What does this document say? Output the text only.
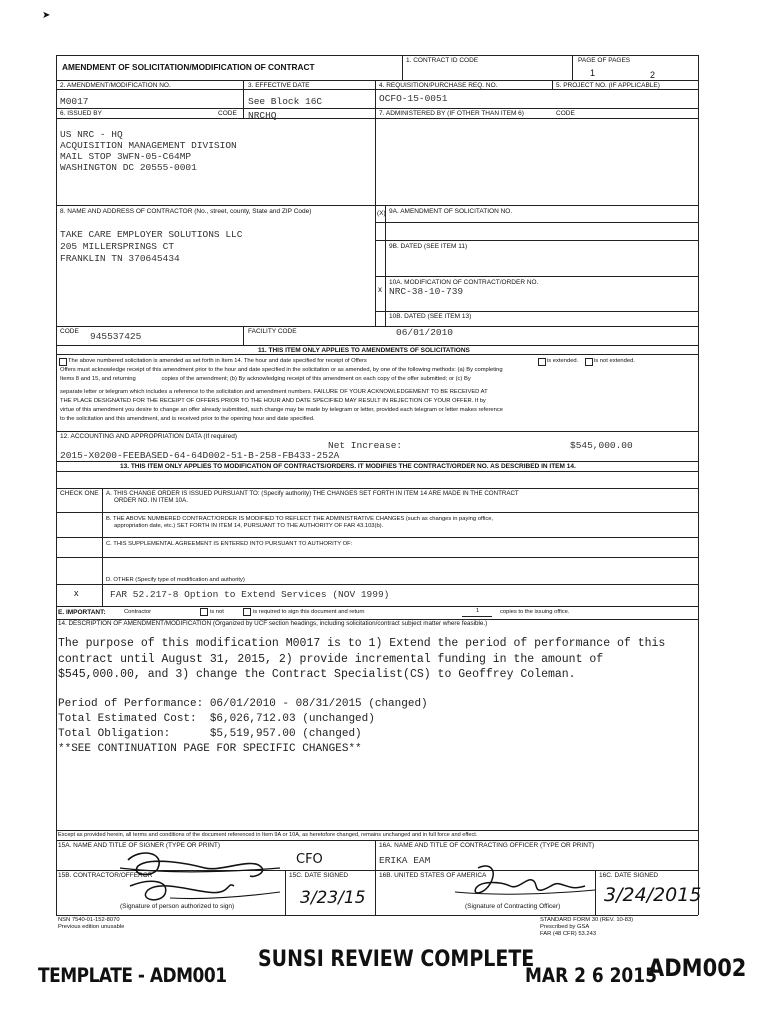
➤
AMENDMENT OF SOLICITATION/MODIFICATION OF CONTRACT
1. CONTRACT ID CODE	PAGE OF PAGES
1	2
2. AMENDMENT/MODIFICATION NO.
M0017
3. EFFECTIVE DATE
See Block 16C
4. REQUISITION/PURCHASE REQ. NO.
OCFO-15-0051
5. PROJECT NO. (IF APPLICABLE)
6. ISSUED BY	CODE NRCHQ	7. ADMINISTERED BY (IF OTHER THAN ITEM 6)	CODE
US NRC - HQ
ACQUISITION MANAGEMENT DIVISION
MAIL STOP 3WFN-05-C64MP
WASHINGTON DC 20555-0001
8. NAME AND ADDRESS OF CONTRACTOR (No., street, county, State and ZIP Code)
TAKE CARE EMPLOYER SOLUTIONS LLC
205 MILLERSPRINGS CT
FRANKLIN TN 370645434
CODE 945537425	FACILITY CODE
(X) 9A. AMENDMENT OF SOLICITATION NO.
9B. DATED (SEE ITEM 11)
x
10A. MODIFICATION OF CONTRACT/ORDER NO.
NRC-38-10-739
10B. DATED (SEE ITEM 13)
06/01/2010
11. THIS ITEM ONLY APPLIES TO AMENDMENTS OF SOLICITATIONS
The above numbered solicitation is amended as set forth in Item 14. The hour and date specified for receipt of Offers	is extended.	is not extended.
Offers must acknowledge receipt of this amendment prior to the hour and date specified in the solicitation or as amended, by one of the following methods: (a) By completing
Items 8 and 15, and returning                copies of the amendment; (b) By acknowledging receipt of this amendment on each copy of the offer submitted; or (c) By
separate letter or telegram which includes a reference to the solicitation and amendment numbers. FAILURE OF YOUR ACKNOWLEDGEMENT TO BE RECEIVED AT
THE PLACE DESIGNATED FOR THE RECEIPT OF OFFERS PRIOR TO THE HOUR AND DATE SPECIFIED MAY RESULT IN REJECTION OF YOUR OFFER. If by
virtue of this amendment you desire to change an offer already submitted, such change may be made by telegram or letter, provided each telegram or letter makes reference
to the solicitation and this amendment, and is received prior to the opening hour and date specified.
12. ACCOUNTING AND APPROPRIATION DATA (If required)
Net Increase:	$545,000.00
2015-X0200-FEEBASED-64-64D002-51-B-258-FB433-252A
13. THIS ITEM ONLY APPLIES TO MODIFICATION OF CONTRACTS/ORDERS. IT MODIFIES THE CONTRACT/ORDER NO. AS DESCRIBED IN ITEM 14.
CHECK ONE A. THIS CHANGE ORDER IS ISSUED PURSUANT TO: (Specify authority) THE CHANGES SET FORTH IN ITEM 14 ARE MADE IN THE CONTRACT
ORDER NO. IN ITEM 10A.
B. THE ABOVE NUMBERED CONTRACT/ORDER IS MODIFIED TO REFLECT THE ADMINISTRATIVE CHANGES (such as changes in paying office,
appropriation date, etc.) SET FORTH IN ITEM 14, PURSUANT TO THE AUTHORITY OF FAR 43.103(b).
C. THIS SUPPLEMENTAL AGREEMENT IS ENTERED INTO PURSUANT TO AUTHORITY OF:
D. OTHER (Specify type of modification and authority)
x	FAR 52.217-8 Option to Extend Services (NOV 1999)
E. IMPORTANT:	Contractor	is not	is required to sign this document and return	1	copies to the issuing office.
14. DESCRIPTION OF AMENDMENT/MODIFICATION (Organized by UCF section headings, including solicitation/contract subject matter where feasible.)
The purpose of this modification M0017 is to 1) Extend the period of performance of this
contract until August 31, 2015, 2) provide incremental funding in the amount of
$545,000.00, and 3) change the Contract Specialist(CS) to Geoffrey Coleman.
Period of Performance: 06/01/2010 - 08/31/2015 (changed)
Total Estimated Cost:  $6,026,712.03 (unchanged)
Total Obligation:      $5,519,957.00 (changed)
**SEE CONTINUATION PAGE FOR SPECIFIC CHANGES**
Except as provided herein, all terms and conditions of the document referenced in Item 9A or 10A, as heretofore changed, remains unchanged and in full force and effect.
15A. NAME AND TITLE OF SIGNER (TYPE OR PRINT)
CFO
16A. NAME AND TITLE OF CONTRACTING OFFICER (TYPE OR PRINT)
ERIKA EAM
15B. CONTRACTOR/OFFEROR
(Signature of person authorized to sign)
15C. DATE SIGNED
3/23/15
16B. UNITED STATES OF AMERICA
(Signature of Contracting Officer)
16C. DATE SIGNED
3/24/2015
NSN 7540-01-152-8070
Previous edition unusable
STANDARD FORM 30 (REV. 10-83)
Prescribed by GSA
FAR (48 CFR) 53.243
TEMPLATE - ADM001
SUNSI REVIEW COMPLETE
MAR 2 6 2015
ADM002
